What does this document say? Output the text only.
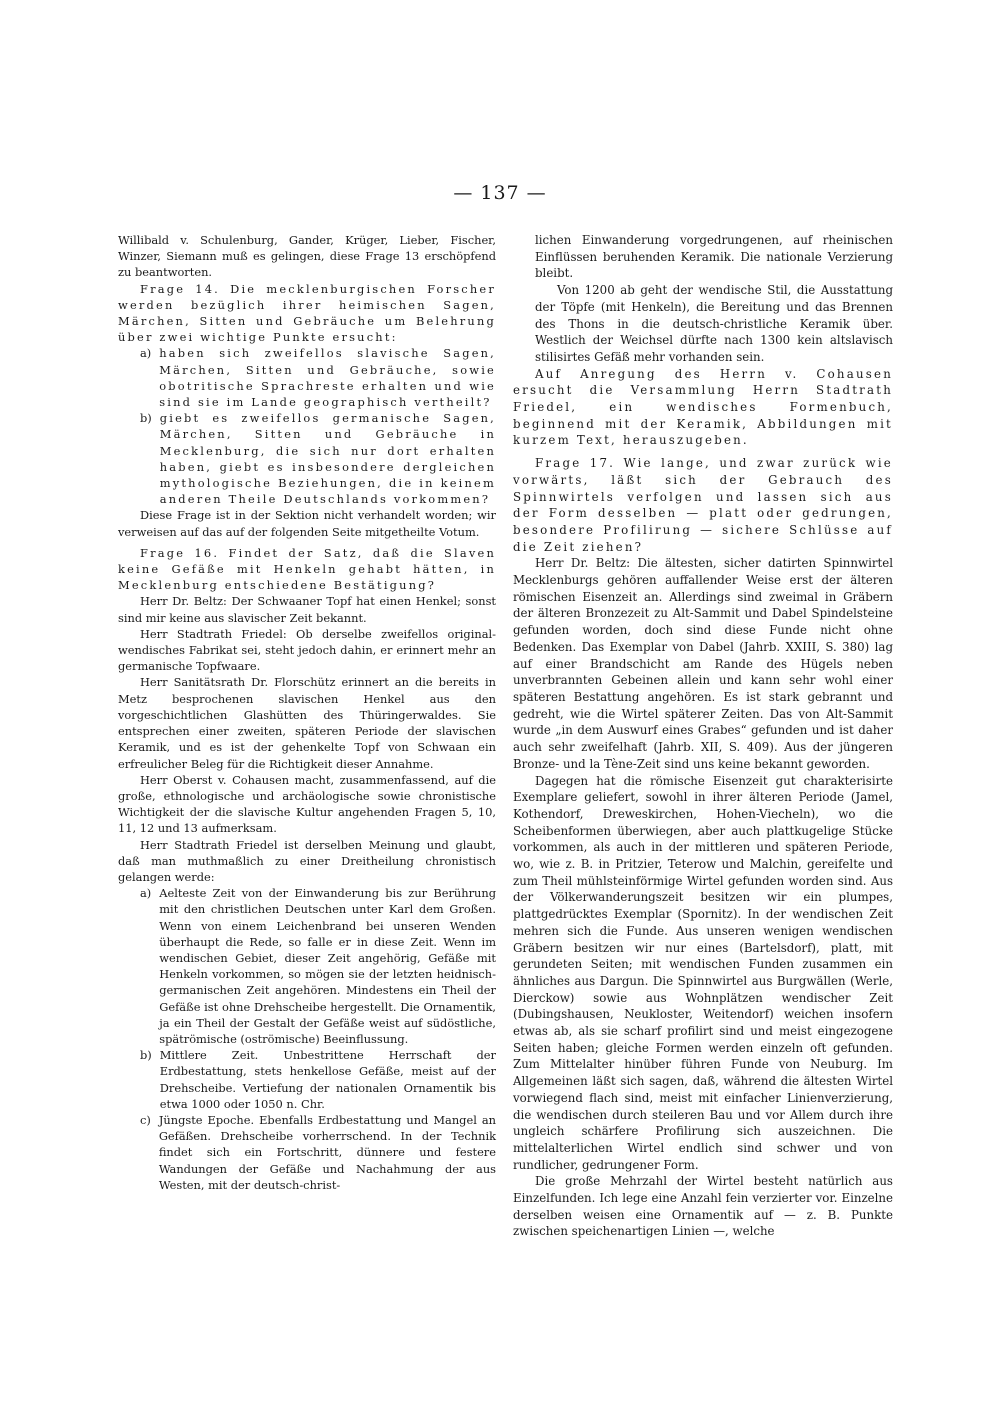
— 137 —

Willibald v. Schulenburg, Gander, Krüger, Lieber, Fischer, Winzer, Siemann muß es gelingen, diese Frage 13 erschöpfend zu beantworten.

Frage 14. Die mecklenburgischen Forscher werden bezüglich ihrer heimischen Sagen, Märchen, Sitten und Gebräuche um Belehrung über zwei wichtige Punkte ersucht:

a) haben sich zweifellos slavische Sagen, Märchen, Sitten und Gebräuche, sowie obotritische Sprachreste erhalten und wie sind sie im Lande geographisch vertheilt?
b) giebt es zweifellos germanische Sagen, Märchen, Sitten und Gebräuche in Mecklenburg, die sich nur dort erhalten haben, giebt es insbesondere dergleichen mythologische Beziehungen, die in keinem anderen Theile Deutschlands vorkommen?

Diese Frage ist in der Sektion nicht verhandelt worden; wir verweisen auf das auf der folgenden Seite mitgetheilte Votum.

Frage 16. Findet der Satz, daß die Slaven keine Gefäße mit Henkeln gehabt hätten, in Mecklenburg entschiedene Bestätigung?

Herr Dr. Beltz: Der Schwaaner Topf hat einen Henkel; sonst sind mir keine aus slavischer Zeit bekannt.

Herr Stadtrath Friedel: Ob derselbe zweifellos original-wendisches Fabrikat sei, steht jedoch dahin, er erinnert mehr an germanische Topfwaare.

Herr Sanitätsrath Dr. Florschütz erinnert an die bereits in Metz besprochenen slavischen Henkel aus den vorgeschichtlichen Glashütten des Thüringerwaldes. Sie entsprechen einer zweiten, späteren Periode der slavischen Keramik, und es ist der gehenkelte Topf von Schwaan ein erfreulicher Beleg für die Richtigkeit dieser Annahme.

Herr Oberst v. Cohausen macht, zusammenfassend, auf die große, ethnologische und archäologische sowie chronistische Wichtigkeit der die slavische Kultur angehenden Fragen 5, 10, 11, 12 und 13 aufmerksam.

Herr Stadtrath Friedel ist derselben Meinung und glaubt, daß man muthmaßlich zu einer Dreitheilung chronistisch gelangen werde:

a) Aelteste Zeit von der Einwanderung bis zur Berührung mit den christlichen Deutschen unter Karl dem Großen. Wenn von einem Leichenbrand bei unseren Wenden überhaupt die Rede, so falle er in diese Zeit. Wenn im wendischen Gebiet, dieser Zeit angehörig, Gefäße mit Henkeln vorkommen, so mögen sie der letzten heidnisch-germanischen Zeit angehören. Mindestens ein Theil der Gefäße ist ohne Drehscheibe hergestellt. Die Ornamentik, ja ein Theil der Gestalt der Gefäße weist auf südöstliche, spätrömische (oströmische) Beeinflussung.
b) Mittlere Zeit. Unbestrittene Herrschaft der Erdbestattung, stets henkellose Gefäße, meist auf der Drehscheibe. Vertiefung der nationalen Ornamentik bis etwa 1000 oder 1050 n. Chr.
c) Jüngste Epoche. Ebenfalls Erdbestattung und Mangel an Gefäßen. Drehscheibe vorherrschend. In der Technik findet sich ein Fortschritt, dünnere und festere Wandungen der Gefäße und Nachahmung der aus Westen, mit der deutsch-christ-

lichen Einwanderung vorgedrungenen, auf rheinischen Einflüssen beruhenden Keramik. Die nationale Verzierung bleibt.

Von 1200 ab geht der wendische Stil, die Ausstattung der Töpfe (mit Henkeln), die Bereitung und das Brennen des Thons in die deutsch-christliche Keramik über. Westlich der Weichsel dürfte nach 1300 kein altslavisch stilisirtes Gefäß mehr vorhanden sein.

Auf Anregung des Herrn v. Cohausen ersucht die Versammlung Herrn Stadtrath Friedel, ein wendisches Formenbuch, beginnend mit der Keramik, Abbildungen mit kurzem Text, herauszugeben.

Frage 17. Wie lange, und zwar zurück wie vorwärts, läßt sich der Gebrauch des Spinnwirtels verfolgen und lassen sich aus der Form desselben — platt oder gedrungen, besondere Profilirung — sichere Schlüsse auf die Zeit ziehen?

Herr Dr. Beltz: Die ältesten, sicher datirten Spinnwirtel Mecklenburgs gehören auffallender Weise erst der älteren römischen Eisenzeit an. Allerdings sind zweimal in Gräbern der älteren Bronzezeit zu Alt-Sammit und Dabel Spindelsteine gefunden worden, doch sind diese Funde nicht ohne Bedenken. Das Exemplar von Dabel (Jahrb. XXIII, S. 380) lag auf einer Brandschicht am Rande des Hügels neben unverbrannten Gebeinen allein und kann sehr wohl einer späteren Bestattung angehören. Es ist stark gebrannt und gedreht, wie die Wirtel späterer Zeiten. Das von Alt-Sammit wurde „in dem Auswurf eines Grabes“ gefunden und ist daher auch sehr zweifelhaft (Jahrb. XII, S. 409). Aus der jüngeren Bronze- und la Tène-Zeit sind uns keine bekannt geworden.

Dagegen hat die römische Eisenzeit gut charakterisirte Exemplare geliefert, sowohl in ihrer älteren Periode (Jamel, Kothendorf, Dreweskirchen, Hohen-Viecheln), wo die Scheibenformen überwiegen, aber auch plattkugelige Stücke vorkommen, als auch in der mittleren und späteren Periode, wo, wie z. B. in Pritzier, Teterow und Malchin, gereifelte und zum Theil mühlsteinförmige Wirtel gefunden worden sind. Aus der Völkerwanderungszeit besitzen wir ein plumpes, plattgedrücktes Exemplar (Spornitz). In der wendischen Zeit mehren sich die Funde. Aus unseren wenigen wendischen Gräbern besitzen wir nur eines (Bartelsdorf), platt, mit gerundeten Seiten; mit wendischen Funden zusammen ein ähnliches aus Dargun. Die Spinnwirtel aus Burgwällen (Werle, Dierckow) sowie aus Wohnplätzen wendischer Zeit (Dubingshausen, Neukloster, Weitendorf) weichen insofern etwas ab, als sie scharf profilirt sind und meist eingezogene Seiten haben; gleiche Formen werden einzeln oft gefunden. Zum Mittelalter hinüber führen Funde von Neuburg. Im Allgemeinen läßt sich sagen, daß, während die ältesten Wirtel vorwiegend flach sind, meist mit einfacher Linienverzierung, die wendischen durch steileren Bau und vor Allem durch ihre ungleich schärfere Profilirung sich auszeichnen. Die mittelalterlichen Wirtel endlich sind schwer und von rundlicher, gedrungener Form.

Die große Mehrzahl der Wirtel besteht natürlich aus Einzelfunden. Ich lege eine Anzahl fein verzierter vor. Einzelne derselben weisen eine Ornamentik auf — z. B. Punkte zwischen speichenartigen Linien —, welche
